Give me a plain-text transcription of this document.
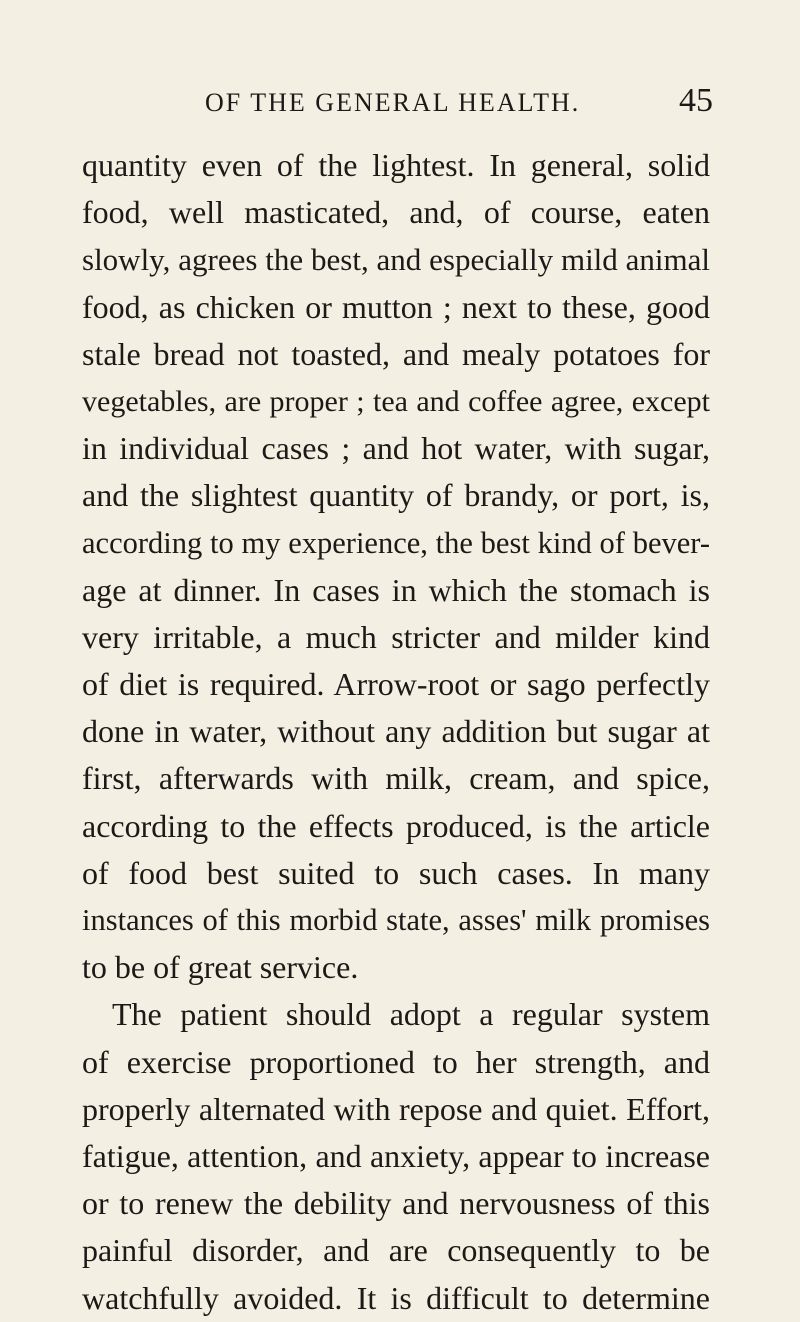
OF THE GENERAL HEALTH.	45
quantity even of the lightest. In general, solid
food, well masticated, and, of course, eaten
slowly, agrees the best, and especially mild animal
food, as chicken or mutton ; next to these, good
stale bread not toasted, and mealy potatoes for
vegetables, are proper ; tea and coffee agree, except
in individual cases ; and hot water, with sugar,
and the slightest quantity of brandy, or port, is,
according to my experience, the best kind of bever-
age at dinner. In cases in which the stomach is
very irritable, a much stricter and milder kind
of diet is required. Arrow-root or sago perfectly
done in water, without any addition but sugar at
first, afterwards with milk, cream, and spice,
according to the effects produced, is the article
of food best suited to such cases. In many
instances of this morbid state, asses' milk promises
to be of great service.
The patient should adopt a regular system
of exercise proportioned to her strength, and
properly alternated with repose and quiet. Effort,
fatigue, attention, and anxiety, appear to increase
or to renew the debility and nervousness of this
painful disorder, and are consequently to be
watchfully avoided. It is difficult to determine
